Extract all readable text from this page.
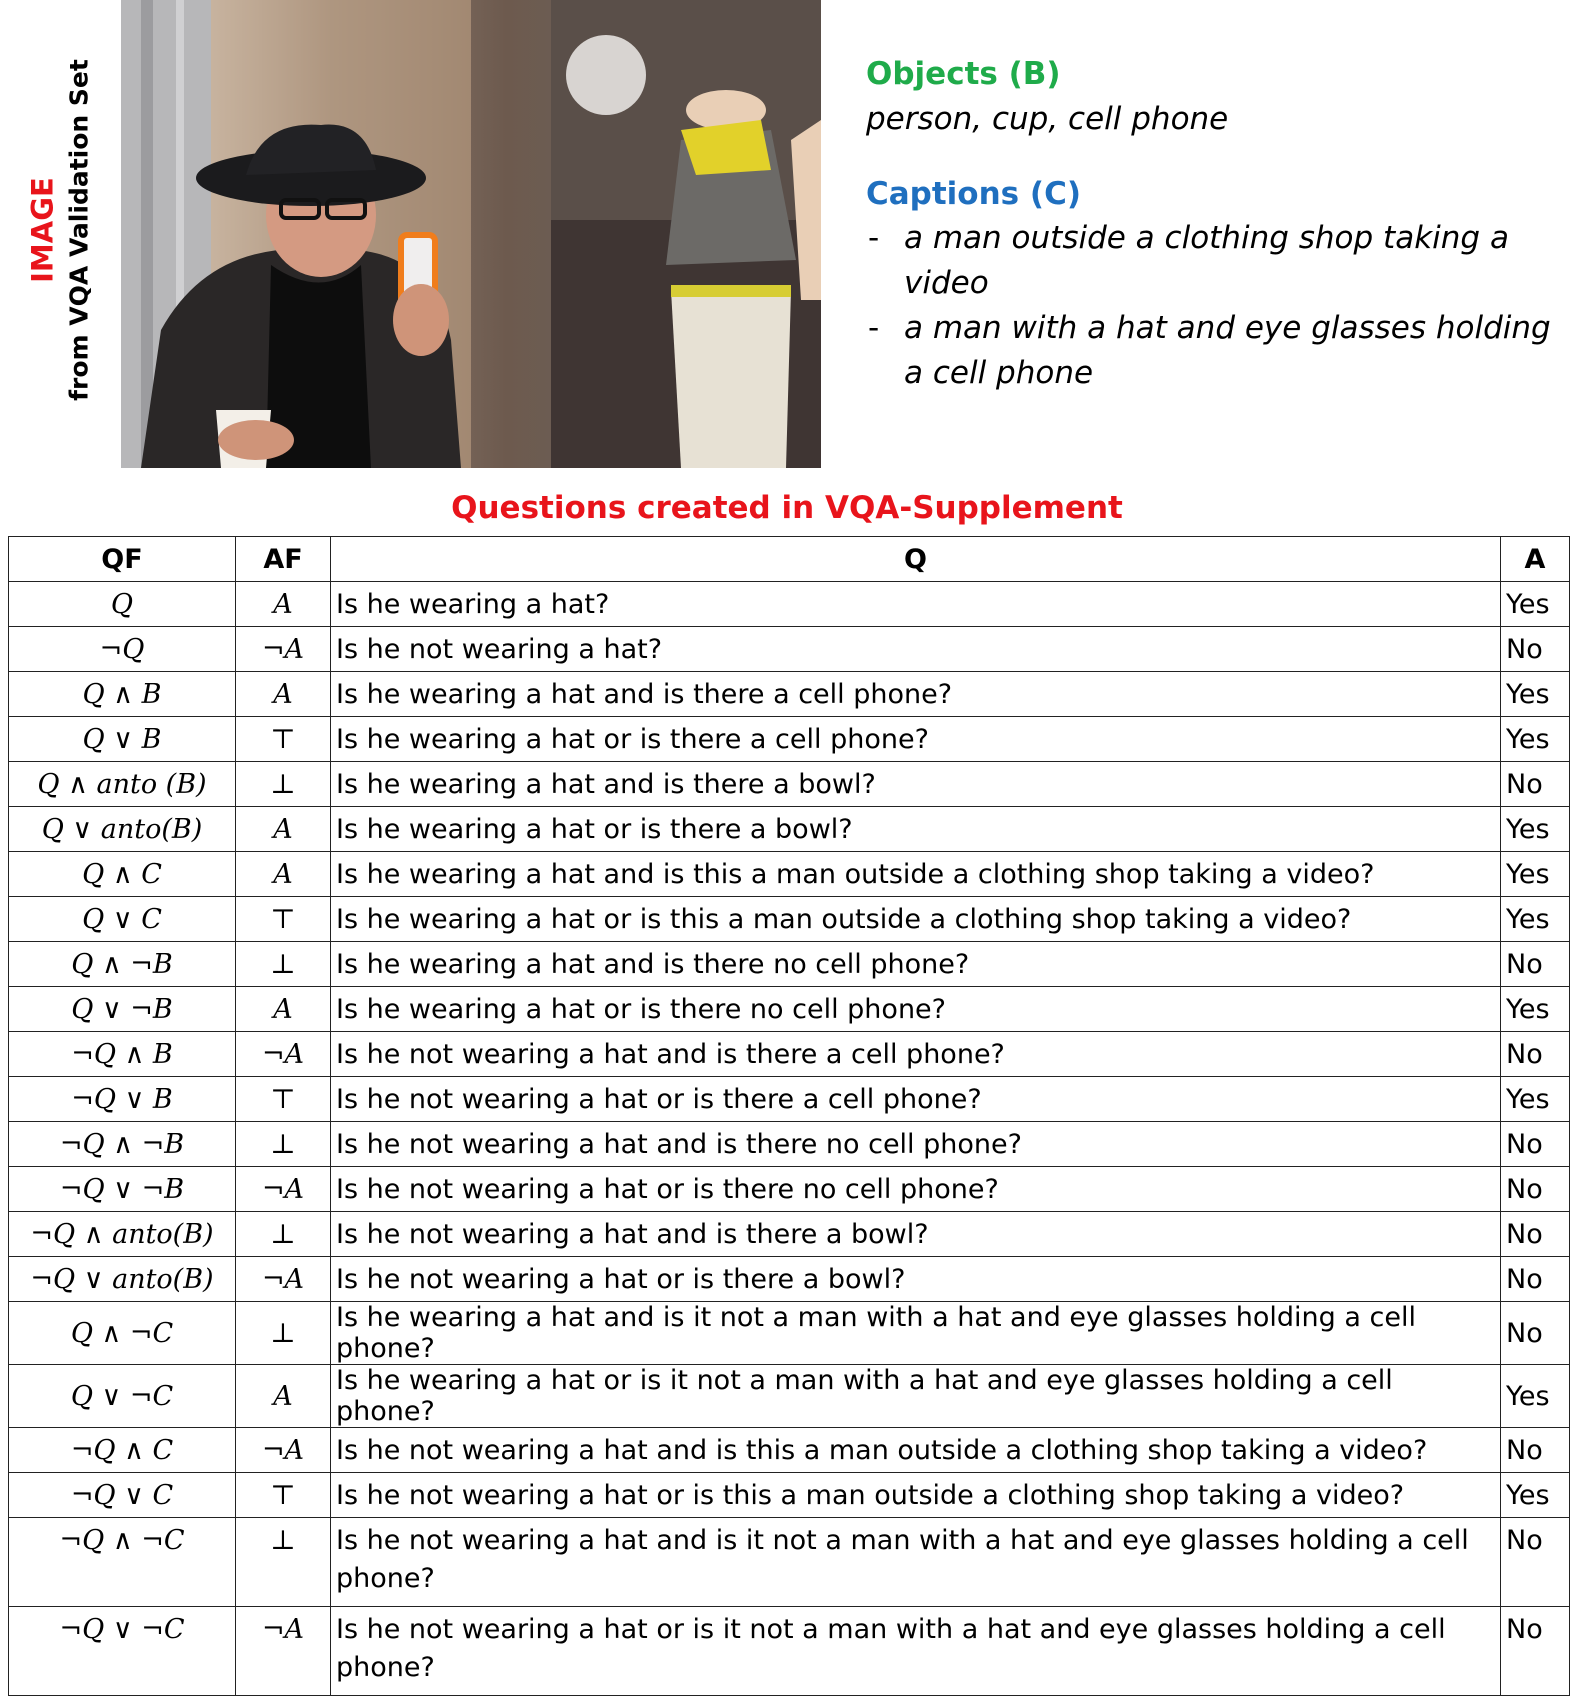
IMAGE from VQA Validation Set	Objects (B)

person, cup, cell phone

Captions (C)

- a man outside a clothing shop taking a video
- a man with a hat and eye glasses holding a cell phone
Questions created in VQA-Supplement
QF	AF	Q	A
Q	A	Is he wearing a hat?	Yes
¬Q	¬A	Is he not wearing a hat?	No
Q ∧ B	A	Is he wearing a hat and is there a cell phone?	Yes
Q ∨ B	⊤	Is he wearing a hat or is there a cell phone?	Yes
Q ∧ anto (B)	⊥	Is he wearing a hat and is there a bowl?	No
Q ∨ anto(B)	A	Is he wearing a hat or is there a bowl?	Yes
Q ∧ C	A	Is he wearing a hat and is this a man outside a clothing shop taking a video?	Yes
Q ∨ C	⊤	Is he wearing a hat or is this a man outside a clothing shop taking a video?	Yes
Q ∧ ¬B	⊥	Is he wearing a hat and is there no cell phone?	No
Q ∨ ¬B	A	Is he wearing a hat or is there no cell phone?	Yes
¬Q ∧ B	¬A	Is he not wearing a hat and is there a cell phone?	No
¬Q ∨ B	⊤	Is he not wearing a hat or is there a cell phone?	Yes
¬Q ∧ ¬B	⊥	Is he not wearing a hat and is there no cell phone?	No
¬Q ∨ ¬B	¬A	Is he not wearing a hat or is there no cell phone?	No
¬Q ∧ anto(B)	⊥	Is he not wearing a hat and is there a bowl?	No
¬Q ∨ anto(B)	¬A	Is he not wearing a hat or is there a bowl?	No
Q ∧ ¬C	⊥	Is he wearing a hat and is it not a man with a hat and eye glasses holding a cell phone?	No
Q ∨ ¬C	A	Is he wearing a hat or is it not a man with a hat and eye glasses holding a cell phone?	Yes
¬Q ∧ C	¬A	Is he not wearing a hat and is this a man outside a clothing shop taking a video?	No
¬Q ∨ C	⊤	Is he not wearing a hat or is this a man outside a clothing shop taking a video?	Yes
¬Q ∧ ¬C	⊥	Is he not wearing a hat and is it not a man with a hat and eye glasses holding a cell phone?	No
¬Q ∨ ¬C	¬A	Is he not wearing a hat or is it not a man with a hat and eye glasses holding a cell phone?	No
